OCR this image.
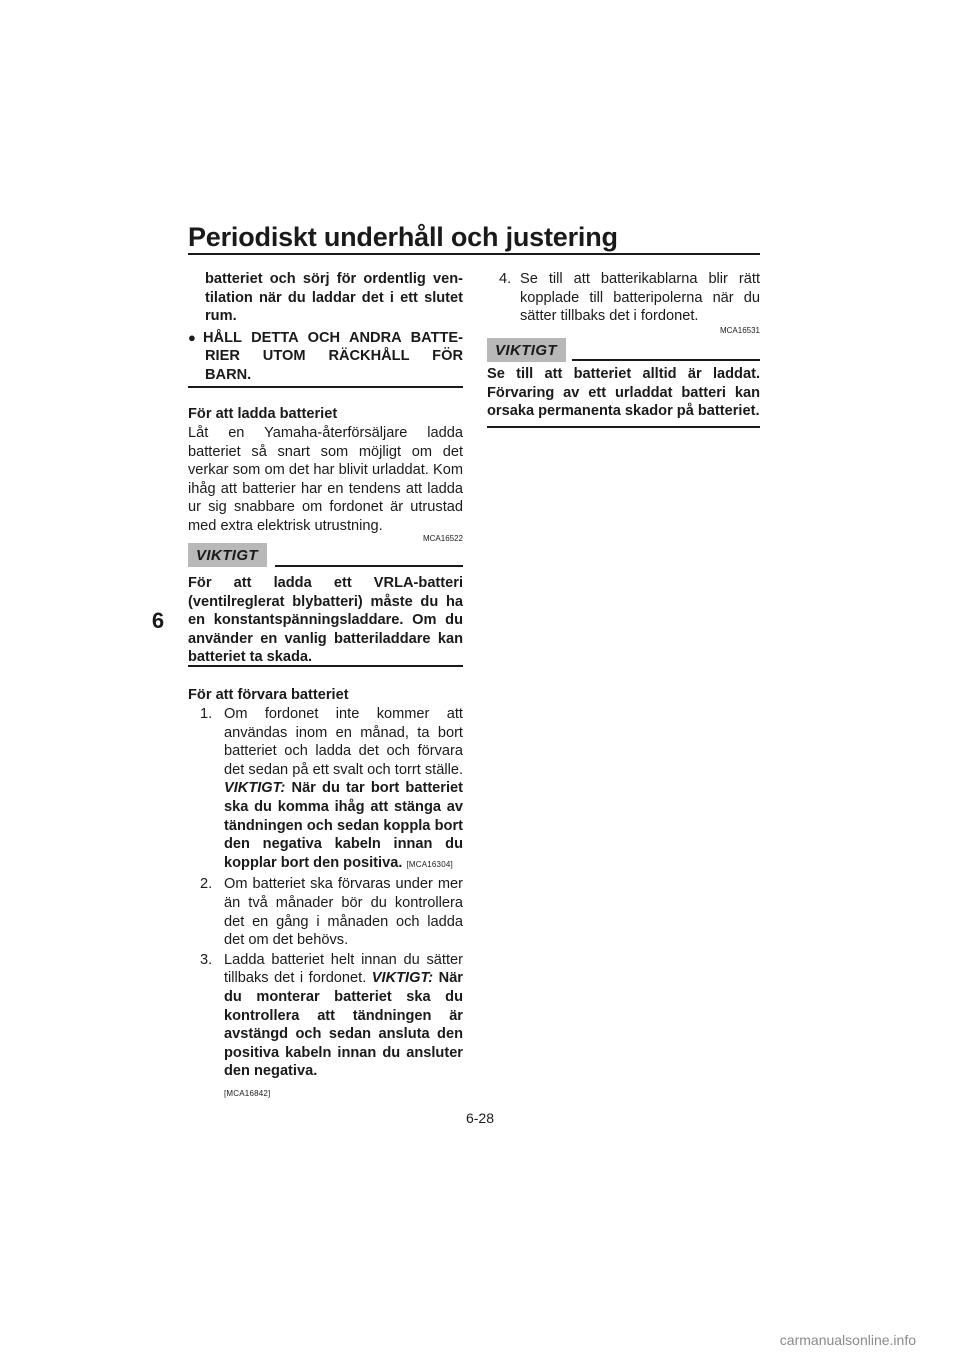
Periodiskt underhåll och justering
6
batteriet och sörj för ordentlig ven-
tilation när du laddar det i ett slutet
rum.
● HÅLL DETTA OCH ANDRA BATTE-
RIER UTOM RÄCKHÅLL FÖR
BARN.
För att ladda batteriet
Låt en Yamaha-återförsäljare ladda batteriet så snart som möjligt om det verkar som om det har blivit urladdat. Kom ihåg att batterier har en tendens att ladda ur sig snabbare om fordonet är utrustad med extra elektrisk utrustning.
MCA16522
VIKTIGT
För att ladda ett VRLA-batteri (ventilreglerat blybatteri) måste du ha en konstantspänningsladdare. Om du använder en vanlig batteriladdare kan batteriet ta skada.
För att förvara batteriet
1. Om fordonet inte kommer att användas inom en månad, ta bort batteriet och ladda det och förvara det sedan på ett svalt och torrt ställe. VIKTIGT: När du tar bort batteriet ska du komma ihåg att stänga av tändningen och sedan koppla bort den negativa kabeln innan du kopplar bort den positiva. [MCA16304]
2. Om batteriet ska förvaras under mer än två månader bör du kontrollera det en gång i månaden och ladda det om det behövs.
3. Ladda batteriet helt innan du sätter tillbaks det i fordonet. VIKTIGT: När du monterar batteriet ska du kontrollera att tändningen är avstängd och sedan ansluta den positiva kabeln innan du ansluter den negativa.
[MCA16842]
4. Se till att batterikablarna blir rätt kopplade till batteripolerna när du sätter tillbaks det i fordonet.
MCA16531
VIKTIGT
Se till att batteriet alltid är laddat. Förvaring av ett urladdat batteri kan orsaka permanenta skador på batteriet.
6-28
carmanualsonline.info
